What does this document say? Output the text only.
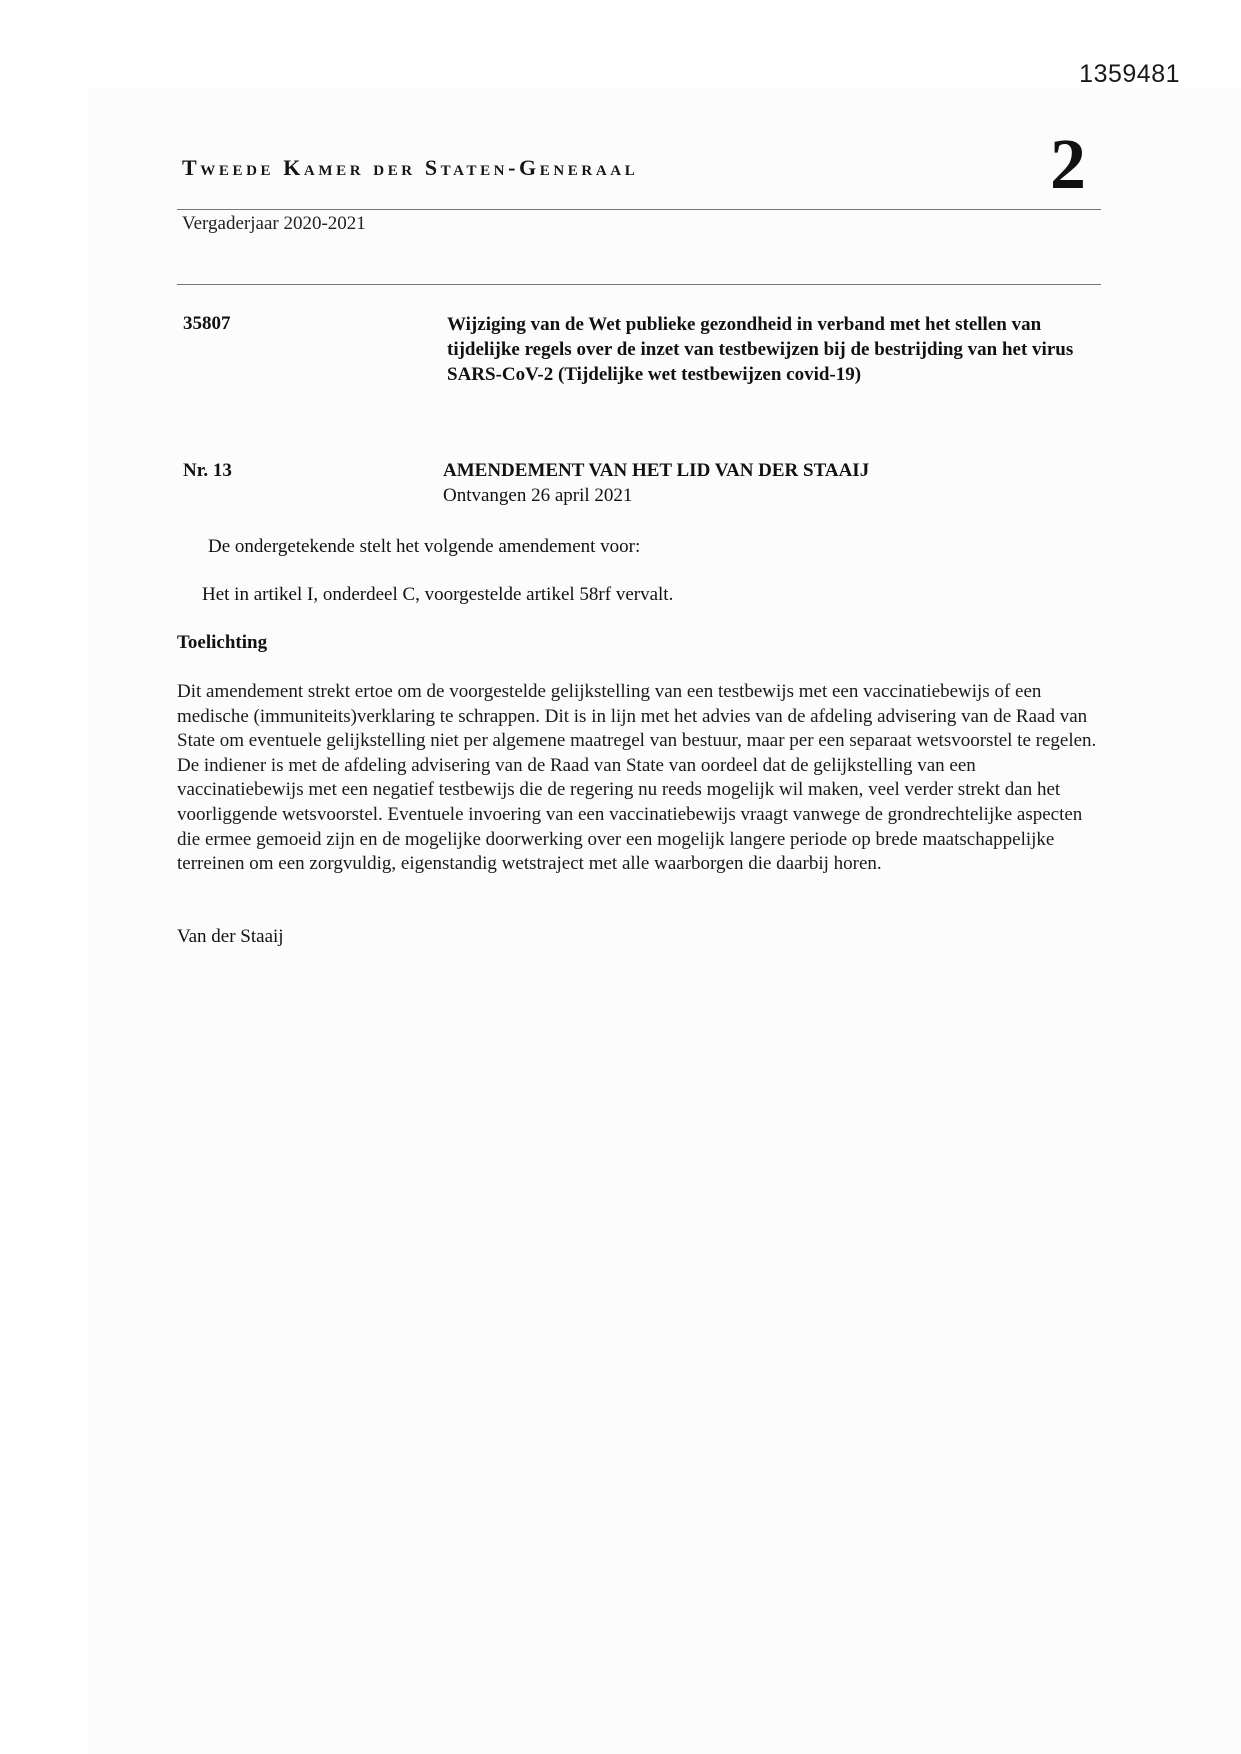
1359481
Tweede Kamer der Staten-Generaal	2
Vergaderjaar 2020-2021
35807	Wijziging van de Wet publieke gezondheid in verband met het stellen van tijdelijke regels over de inzet van testbewijzen bij de bestrijding van het virus SARS-CoV-2 (Tijdelijke wet testbewijzen covid-19)
Nr. 13	AMENDEMENT VAN HET LID VAN DER STAAIJ
Ontvangen 26 april 2021
De ondergetekende stelt het volgende amendement voor:
Het in artikel I, onderdeel C, voorgestelde artikel 58rf vervalt.
Toelichting
Dit amendement strekt ertoe om de voorgestelde gelijkstelling van een testbewijs met een vaccinatiebewijs of een medische (immuniteits)verklaring te schrappen. Dit is in lijn met het advies van de afdeling advisering van de Raad van State om eventuele gelijkstelling niet per algemene maatregel van bestuur, maar per een separaat wetsvoorstel te regelen. De indiener is met de afdeling advisering van de Raad van State van oordeel dat de gelijkstelling van een vaccinatiebewijs met een negatief testbewijs die de regering nu reeds mogelijk wil maken, veel verder strekt dan het voorliggende wetsvoorstel. Eventuele invoering van een vaccinatiebewijs vraagt vanwege de grondrechtelijke aspecten die ermee gemoeid zijn en de mogelijke doorwerking over een mogelijk langere periode op brede maatschappelijke terreinen om een zorgvuldig, eigenstandig wetstraject met alle waarborgen die daarbij horen.
Van der Staaij
